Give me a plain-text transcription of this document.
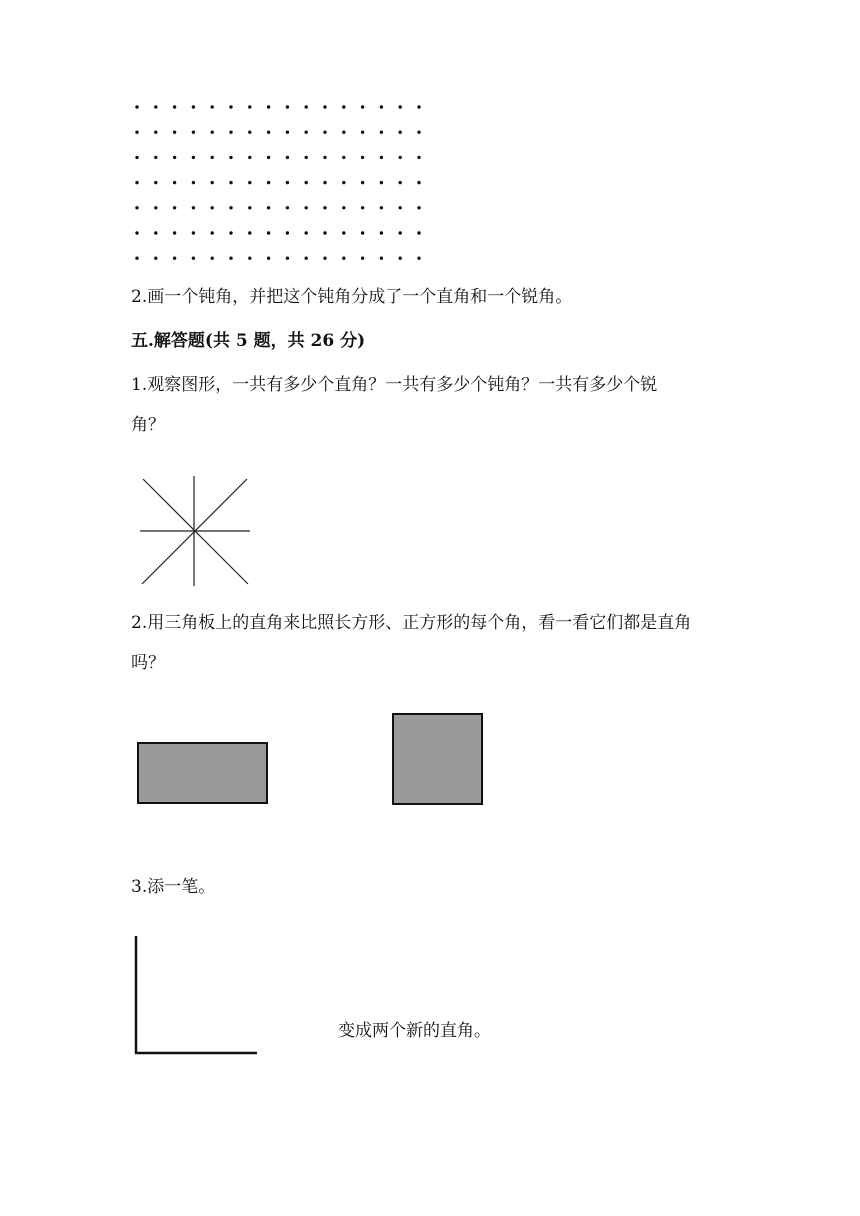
2.画一个钝角，并把这个钝角分成了一个直角和一个锐角。
五.解答题(共 5 题，共 26 分)
1.观察图形，一共有多少个直角？一共有多少个钝角？一共有多少个锐
角？
2.用三角板上的直角来比照长方形、正方形的每个角，看一看它们都是直角
吗？
3.添一笔。
变成两个新的直角。
